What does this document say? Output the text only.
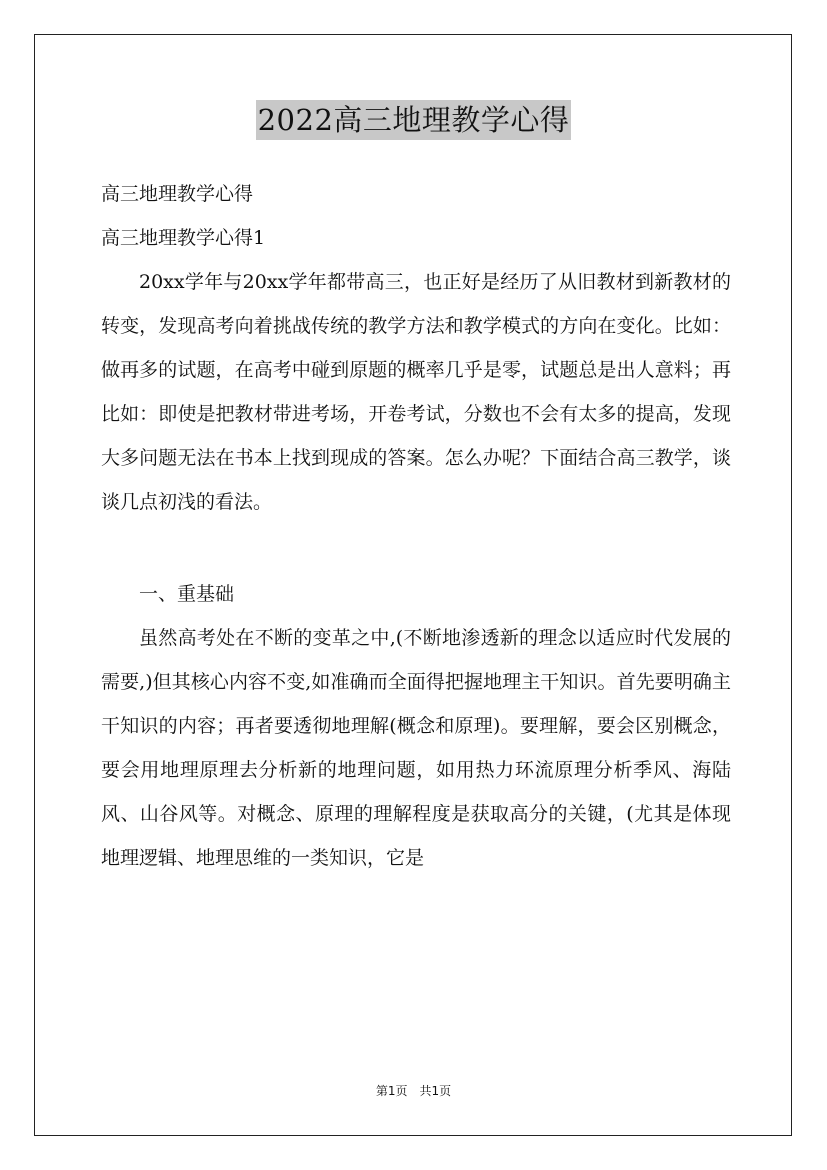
2022高三地理教学心得

高三地理教学心得

高三地理教学心得1

20xx学年与20xx学年都带高三，也正好是经历了从旧教材到新教材的转变，发现高考向着挑战传统的教学方法和教学模式的方向在变化。比如：做再多的试题，在高考中碰到原题的概率几乎是零，试题总是出人意料；再比如：即使是把教材带进考场，开卷考试，分数也不会有太多的提高，发现大多问题无法在书本上找到现成的答案。怎么办呢？下面结合高三教学，谈谈几点初浅的看法。

一、重基础

虽然高考处在不断的变革之中,(不断地渗透新的理念以适应时代发展的需要,)但其核心内容不变,如准确而全面得把握地理主干知识。首先要明确主干知识的内容；再者要透彻地理解(概念和原理)。要理解，要会区别概念，要会用地理原理去分析新的地理问题，如用热力环流原理分析季风、海陆风、山谷风等。对概念、原理的理解程度是获取高分的关键，(尤其是体现地理逻辑、地理思维的一类知识，它是

第1页 共1页
